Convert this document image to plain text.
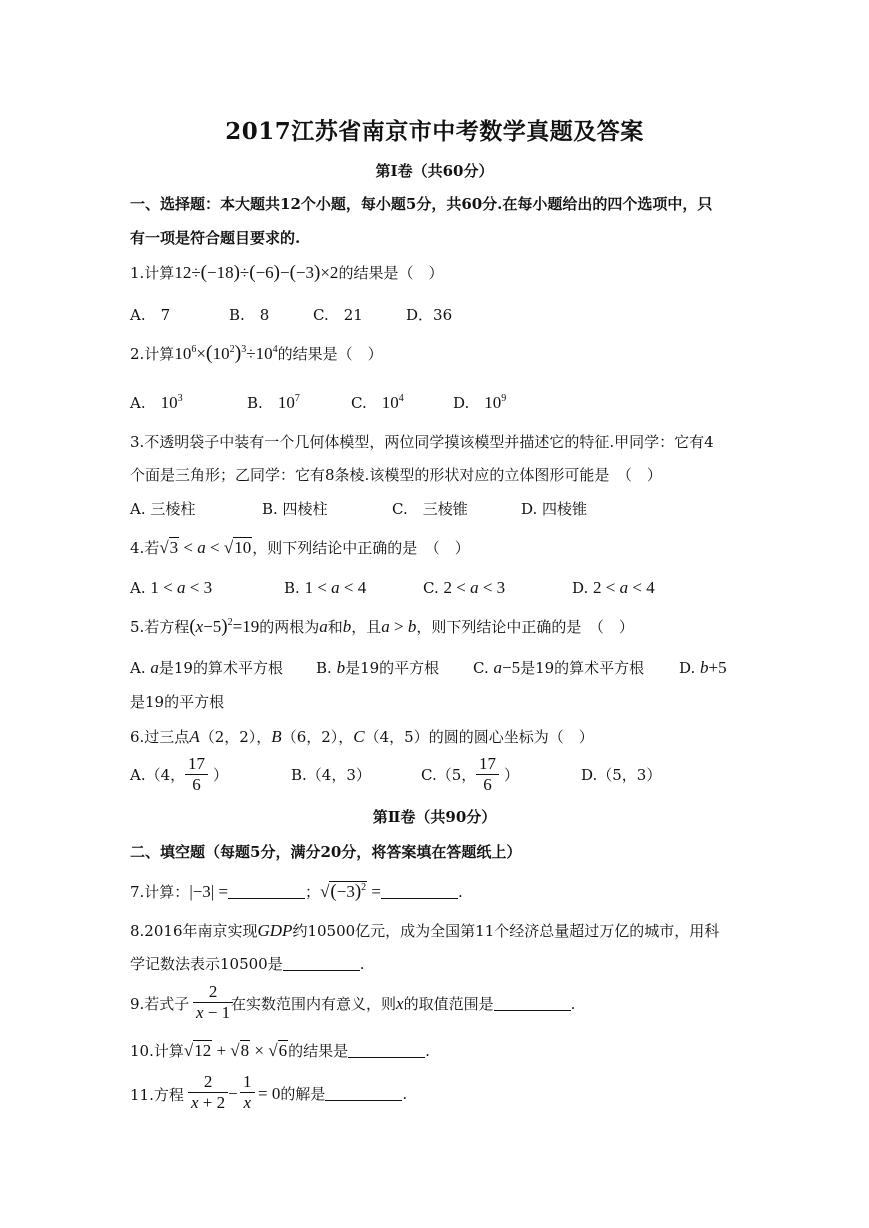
2017江苏省南京市中考数学真题及答案
第Ⅰ卷（共60分）
一、选择题：本大题共12个小题，每小题5分，共60分.在每小题给出的四个选项中，只
有一项是符合题目要求的.
1.计算12÷(−18)÷(−6)−(−3)×2的结果是（　）
A.　7	B.　8	C.　21	D．36
2.计算$10^6\times(10^2)^3\div 10^4$的结果是（　）
A.　 $10^3$	B.　 $10^7$	C.　 $10^4$	D.　 $10^9$
3.不透明袋子中装有一个几何体模型，两位同学摸该模型并描述它的特征.甲同学：它有4
个面是三角形；乙同学：它有8条棱.该模型的形状对应的立体图形可能是　（　）
A. 三棱柱	B. 四棱柱	C.　三棱锥	D. 四棱锥
4.若√3 < a < √10，则下列结论中正确的是　（　）
A. 1 < a < 3	B. 1 < a < 4	C. 2 < a < 3	D. 2 < a < 4
5.若方程$(x-5)^2=19$的两根为a和b，且a > b，则下列结论中正确的是　（　）
A. a是19的算术平方根 B. b是19的平方根 C. a−5是19的算术平方根 D. b+5
是19的平方根
6.过三点A（2，2），B（6，2），C（4，5）的圆的圆心坐标为（　）
A.（4， $\frac{17}{6}$ ）	B.（4，3）	C.（5， $\frac{17}{6}$ ）	D.（5，3）
第Ⅱ卷（共90分）
二、填空题（每题5分，满分20分，将答案填在答题纸上）
7.计算：|−3| =	；$√(-3)^2$ =	.
8.2016年南京实现GDP约10500亿元，成为全国第11个经济总量超过万亿的城市，用科
学记数法表示10500是	.
9.若式子 $\frac{2}{x - 1}$
在实数范围内有意义，则x的取值范围是	.
10.计算√12 + √8 × √6的结果是	.
11.方程 $\frac{2}{x + 2} - \frac{1}{x} = 0$的解是	.
